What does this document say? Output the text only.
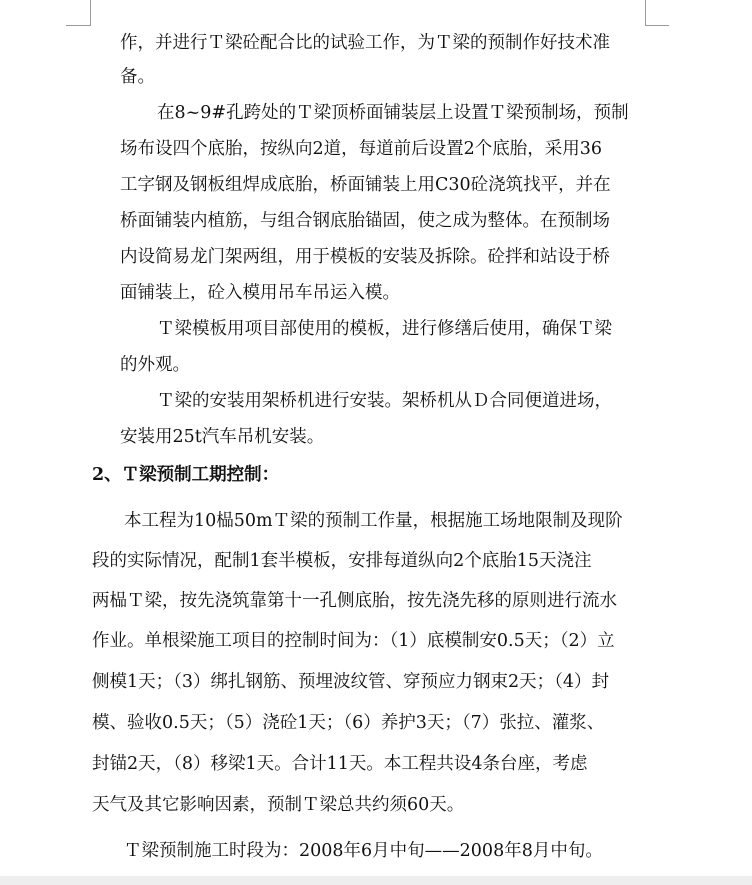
作，并进行Ｔ梁砼配合比的试验工作，为Ｔ梁的预制作好技术准
备。
在8~9#孔跨处的Ｔ梁顶桥面铺装层上设置Ｔ梁预制场，预制
场布设四个底胎，按纵向2道，每道前后设置2个底胎，采用36
工字钢及钢板组焊成底胎，桥面铺装上用C30砼浇筑找平，并在
桥面铺装内植筋，与组合钢底胎锚固，使之成为整体。在预制场
内设简易龙门架两组，用于模板的安装及拆除。砼拌和站设于桥
面铺装上，砼入模用吊车吊运入模。
Ｔ梁模板用项目部使用的模板，进行修缮后使用，确保Ｔ梁
的外观。
Ｔ梁的安装用架桥机进行安装。架桥机从Ｄ合同便道进场，
安装用25t汽车吊机安装。
2、Ｔ梁预制工期控制：
本工程为10榀50mＴ梁的预制工作量，根据施工场地限制及现阶
段的实际情况，配制1套半模板，安排每道纵向2个底胎15天浇注
两榀Ｔ梁，按先浇筑靠第十一孔侧底胎，按先浇先移的原则进行流水
作业。单根梁施工项目的控制时间为：（1）底模制安0.5天；（2）立
侧模1天；（3）绑扎钢筋、预埋波纹管、穿预应力钢束2天；（4）封
模、验收0.5天；（5）浇砼1天；（6）养护3天；（7）张拉、灌浆、
封锚2天，（8）移梁1天。合计11天。本工程共设4条台座，考虑
天气及其它影响因素，预制Ｔ梁总共约须60天。
Ｔ梁预制施工时段为：2008年6月中旬——2008年8月中旬。
